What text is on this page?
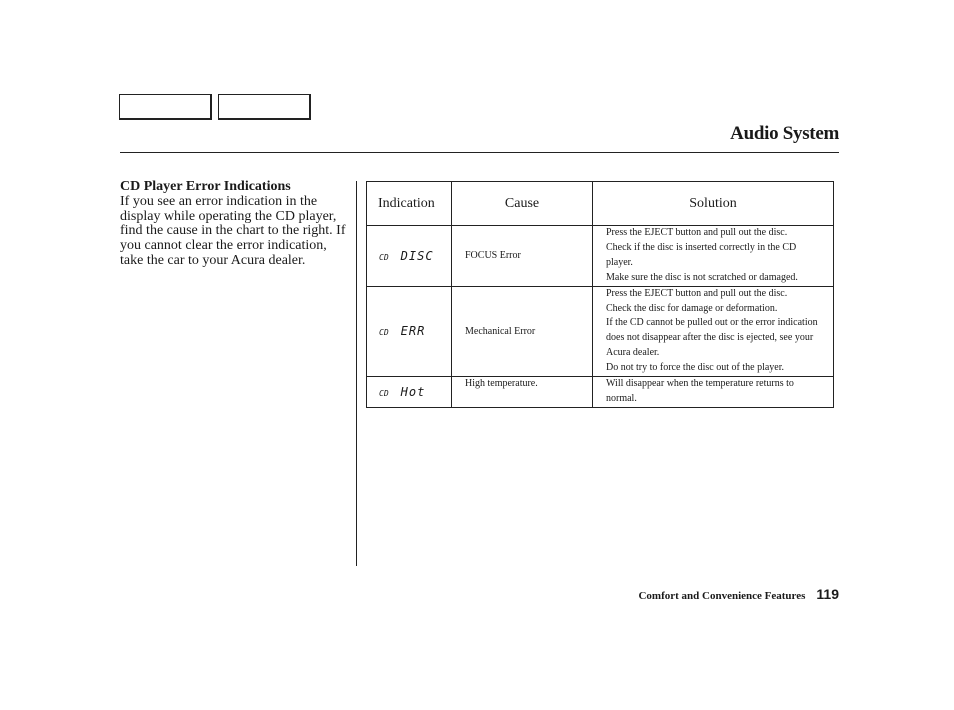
Audio System
CD Player Error Indications
If you see an error indication in the display while operating the CD player, find the cause in the chart to the right. If you cannot clear the error indication, take the car to your Acura dealer.
Indication	Cause	Solution

CD DISC	FOCUS Error	Press the EJECT button and pull out the disc.
Check if the disc is inserted correctly in the CD player.
Make sure the disc is not scratched or damaged.

CD ERR	Mechanical Error	Press the EJECT button and pull out the disc.
Check the disc for damage or deformation.
If the CD cannot be pulled out or the error indication does not disappear after the disc is ejected, see your Acura dealer.
Do not try to force the disc out of the player.

CD Hot	High temperature.	Will disappear when the temperature returns to normal.
Comfort and Convenience Features 119
